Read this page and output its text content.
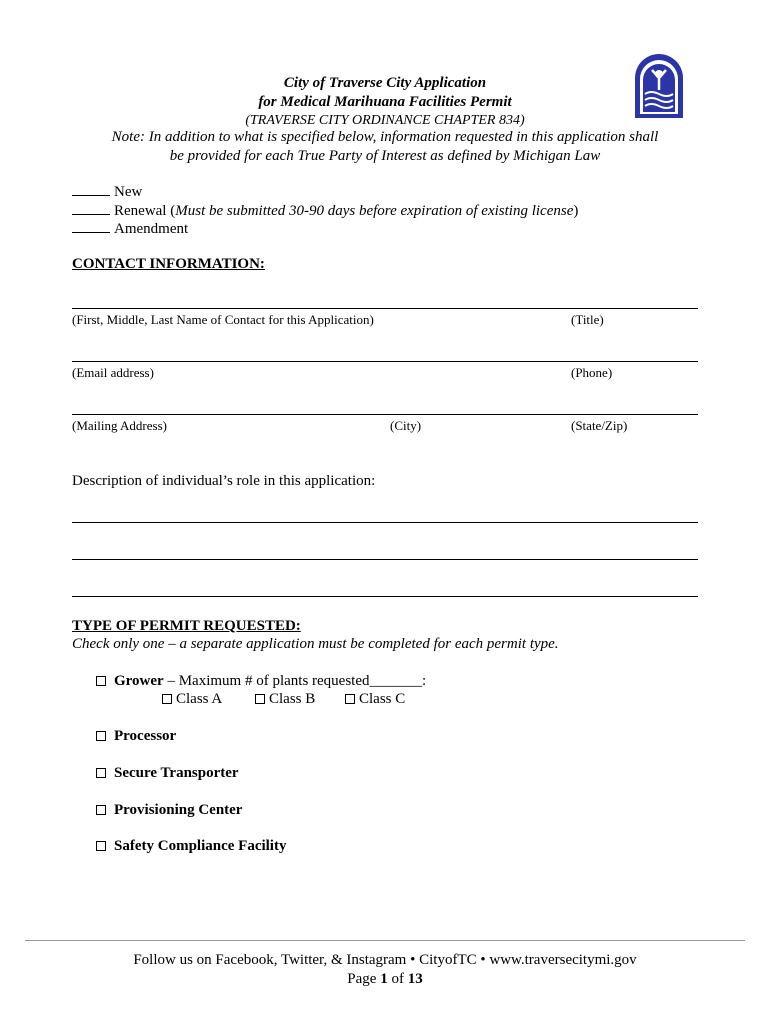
City of Traverse City Application
for Medical Marihuana Facilities Permit
(TRAVERSE CITY ORDINANCE CHAPTER 834)
Note: In addition to what is specified below, information requested in this application shall
be provided for each True Party of Interest as defined by Michigan Law
New
Renewal (Must be submitted 30-90 days before expiration of existing license)
Amendment
CONTACT INFORMATION:
(First, Middle, Last Name of Contact for this Application)	(Title)
(Email address)	(Phone)
(Mailing Address)	(City)	(State/Zip)
Description of individual’s role in this application:
TYPE OF PERMIT REQUESTED:
Check only one – a separate application must be completed for each permit type.
Grower – Maximum # of plants requested_______:
Class A	Class B	Class C
Processor
Secure Transporter
Provisioning Center
Safety Compliance Facility
Follow us on Facebook, Twitter, & Instagram • CityofTC • www.traversecitymi.gov
Page 1 of 13
